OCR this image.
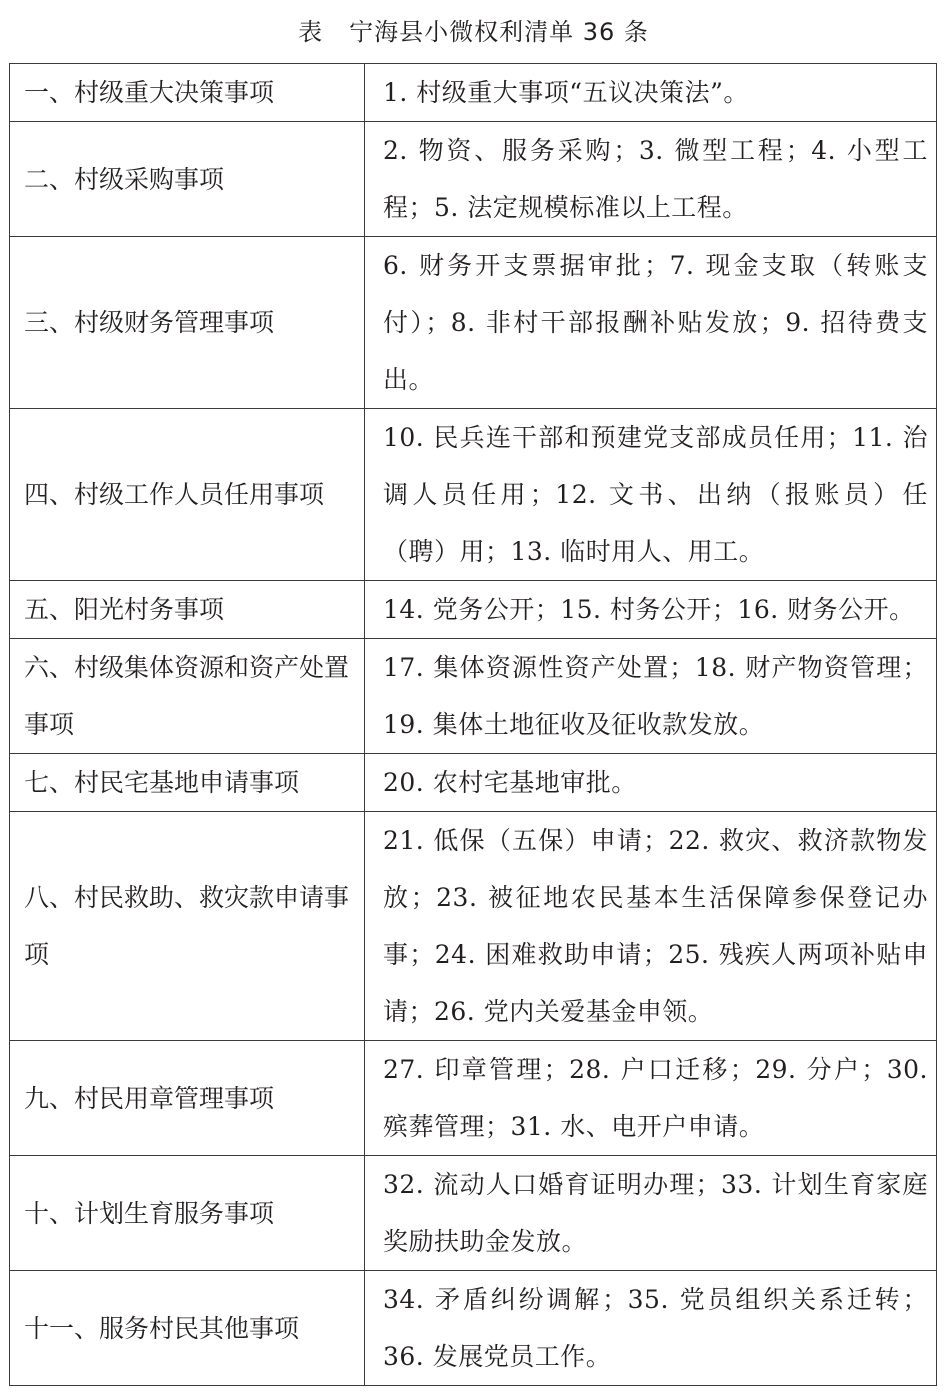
表 宁海县小微权利清单 36 条
一、村级重大决策事项	1. 村级重大事项“五议决策法”。
二、村级采购事项	2. 物资、服务采购；3. 微型工程；4. 小型工程；5. 法定规模标准以上工程。
三、村级财务管理事项	6. 财务开支票据审批；7. 现金支取（转账支付）；8. 非村干部报酬补贴发放；9. 招待费支出。
四、村级工作人员任用事项	10. 民兵连干部和预建党支部成员任用；11. 治调人员任用；12. 文书、出纳（报账员）任（聘）用；13. 临时用人、用工。
五、阳光村务事项	14. 党务公开；15. 村务公开；16. 财务公开。
六、村级集体资源和资产处置事项	17. 集体资源性资产处置；18. 财产物资管理；19. 集体土地征收及征收款发放。
七、村民宅基地申请事项	20. 农村宅基地审批。
八、村民救助、救灾款申请事项	21. 低保（五保）申请；22. 救灾、救济款物发放；23. 被征地农民基本生活保障参保登记办事；24. 困难救助申请；25. 残疾人两项补贴申请；26. 党内关爱基金申领。
九、村民用章管理事项	27. 印章管理；28. 户口迁移；29. 分户；30. 殡葬管理；31. 水、电开户申请。
十、计划生育服务事项	32. 流动人口婚育证明办理；33. 计划生育家庭奖励扶助金发放。
十一、服务村民其他事项	34. 矛盾纠纷调解；35. 党员组织关系迁转；36. 发展党员工作。
